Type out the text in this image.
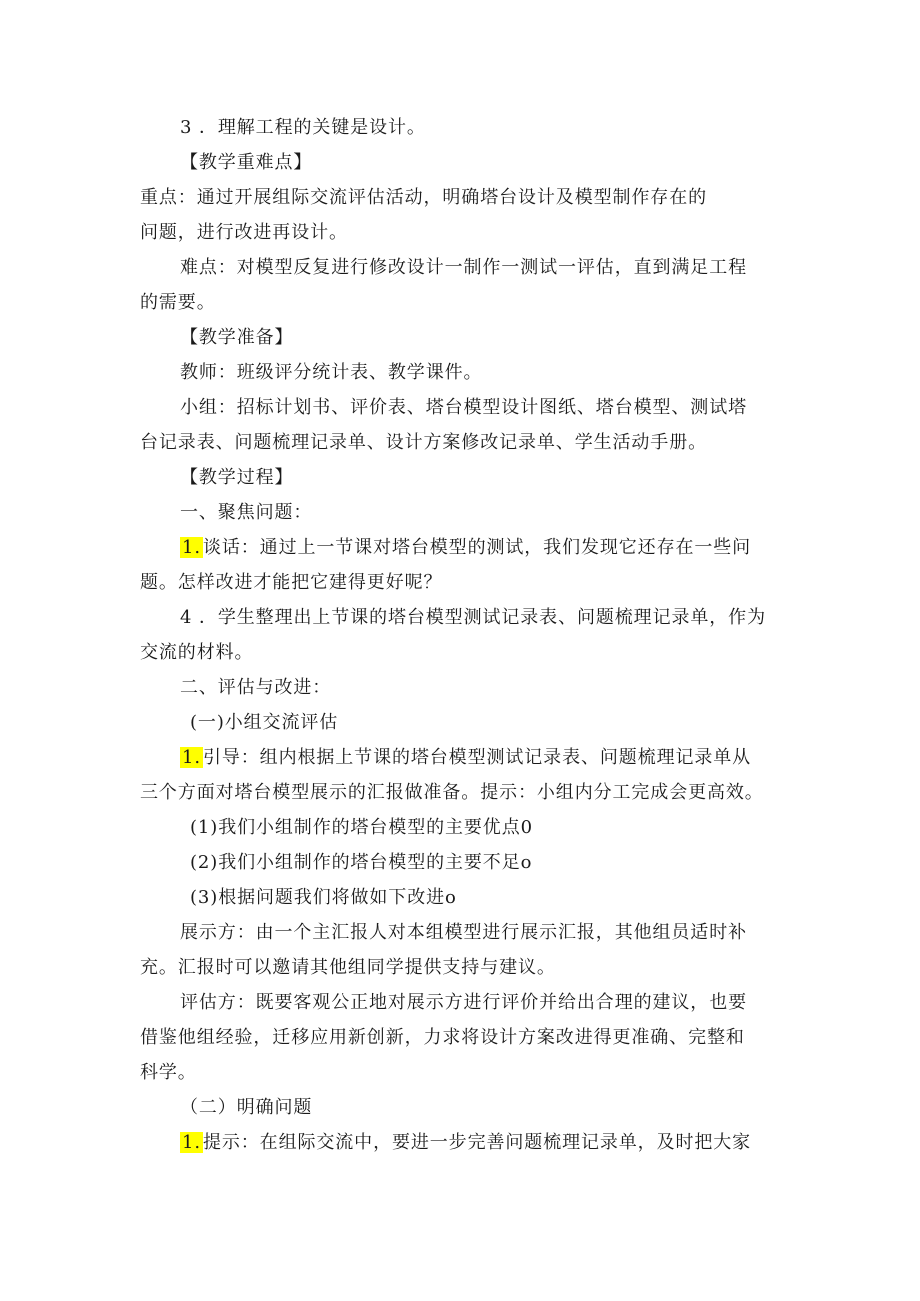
3 ．理解工程的关键是设计。
【教学重难点】
重点：通过开展组际交流评估活动，明确塔台设计及模型制作存在的
问题，进行改进再设计。
难点：对模型反复进行修改设计一制作一测试一评估，直到满足工程
的需要。
【教学准备】
教师：班级评分统计表、教学课件。
小组：招标计划书、评价表、塔台模型设计图纸、塔台模型、测试塔
台记录表、问题梳理记录单、设计方案修改记录单、学生活动手册。
【教学过程】
一、聚焦问题：
1. 谈话：通过上一节课对塔台模型的测试，我们发现它还存在一些问
题。怎样改进才能把它建得更好呢？
4 ．学生整理出上节课的塔台模型测试记录表、问题梳理记录单，作为
交流的材料。
二、评估与改进：
(一)小组交流评估
1. 引导：组内根据上节课的塔台模型测试记录表、问题梳理记录单从
三个方面对塔台模型展示的汇报做准备。提示：小组内分工完成会更高效。
(1)我们小组制作的塔台模型的主要优点0
(2)我们小组制作的塔台模型的主要不足o
(3)根据问题我们将做如下改进o
展示方：由一个主汇报人对本组模型进行展示汇报，其他组员适时补
充。汇报时可以邀请其他组同学提供支持与建议。
评估方：既要客观公正地对展示方进行评价并给出合理的建议，也要
借鉴他组经验，迁移应用新创新，力求将设计方案改进得更准确、完整和
科学。
（二）明确问题
1. 提示：在组际交流中，要进一步完善问题梳理记录单，及时把大家
